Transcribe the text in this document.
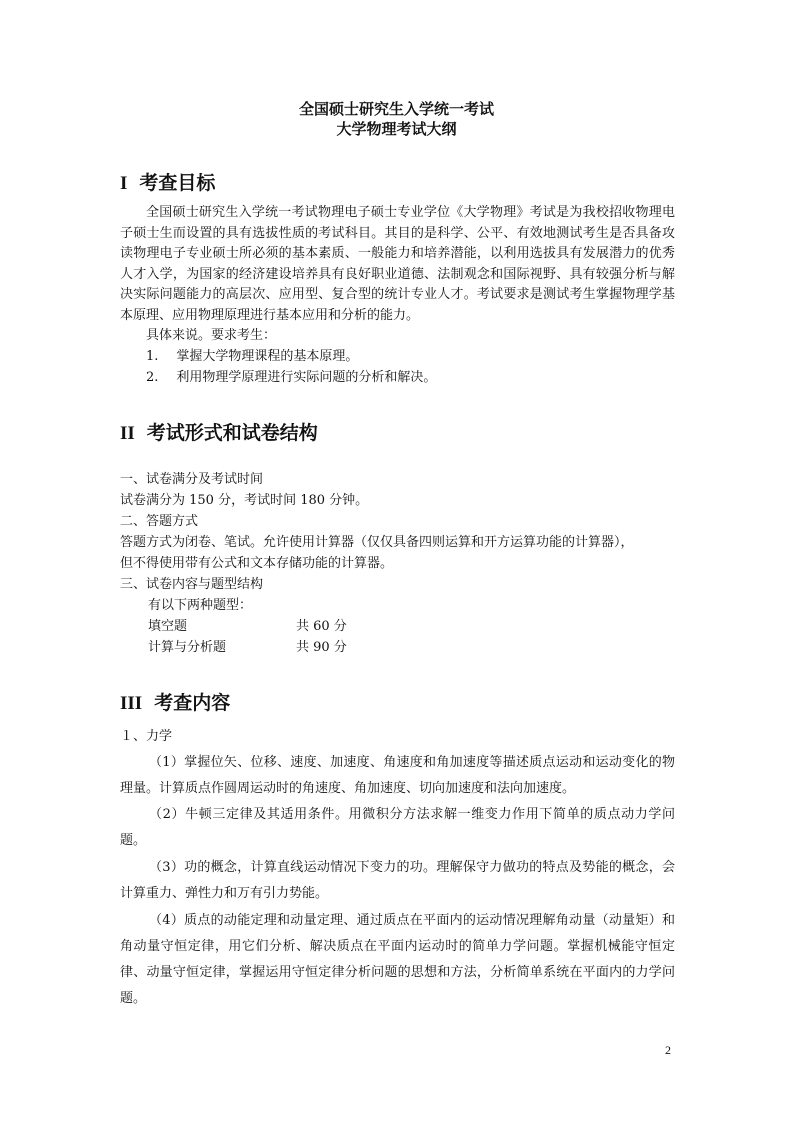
全国硕士研究生入学统一考试
大学物理考试大纲
I 考查目标
全国硕士研究生入学统一考试物理电子硕士专业学位《大学物理》考试是为我校招收物理电子硕士生而设置的具有选拔性质的考试科目。其目的是科学、公平、有效地测试考生是否具备攻读物理电子专业硕士所必须的基本素质、一般能力和培养潜能，以利用选拔具有发展潜力的优秀人才入学，为国家的经济建设培养具有良好职业道德、法制观念和国际视野、具有较强分析与解决实际问题能力的高层次、应用型、复合型的统计专业人才。考试要求是测试考生掌握物理学基本原理、应用物理原理进行基本应用和分析的能力。
具体来说。要求考生：
1. 掌握大学物理课程的基本原理。
2. 利用物理学原理进行实际问题的分析和解决。
II 考试形式和试卷结构
一、试卷满分及考试时间
试卷满分为 150 分，考试时间 180 分钟。
二、答题方式
答题方式为闭卷、笔试。允许使用计算器（仅仅具备四则运算和开方运算功能的计算器），
但不得使用带有公式和文本存储功能的计算器。
三、试卷内容与题型结构
有以下两种题型：
填空题	共 60 分
计算与分析题	共 90 分
III 考查内容
１、力学
（1）掌握位矢、位移、速度、加速度、角速度和角加速度等描述质点运动和运动变化的物理量。计算质点作圆周运动时的角速度、角加速度、切向加速度和法向加速度。
（2）牛顿三定律及其适用条件。用微积分方法求解一维变力作用下简单的质点动力学问题。
（3）功的概念，计算直线运动情况下变力的功。理解保守力做功的特点及势能的概念，会计算重力、弹性力和万有引力势能。
（4）质点的动能定理和动量定理、通过质点在平面内的运动情况理解角动量（动量矩）和角动量守恒定律，用它们分析、解决质点在平面内运动时的简单力学问题。掌握机械能守恒定律、动量守恒定律，掌握运用守恒定律分析问题的思想和方法，分析简单系统在平面内的力学问题。
2
